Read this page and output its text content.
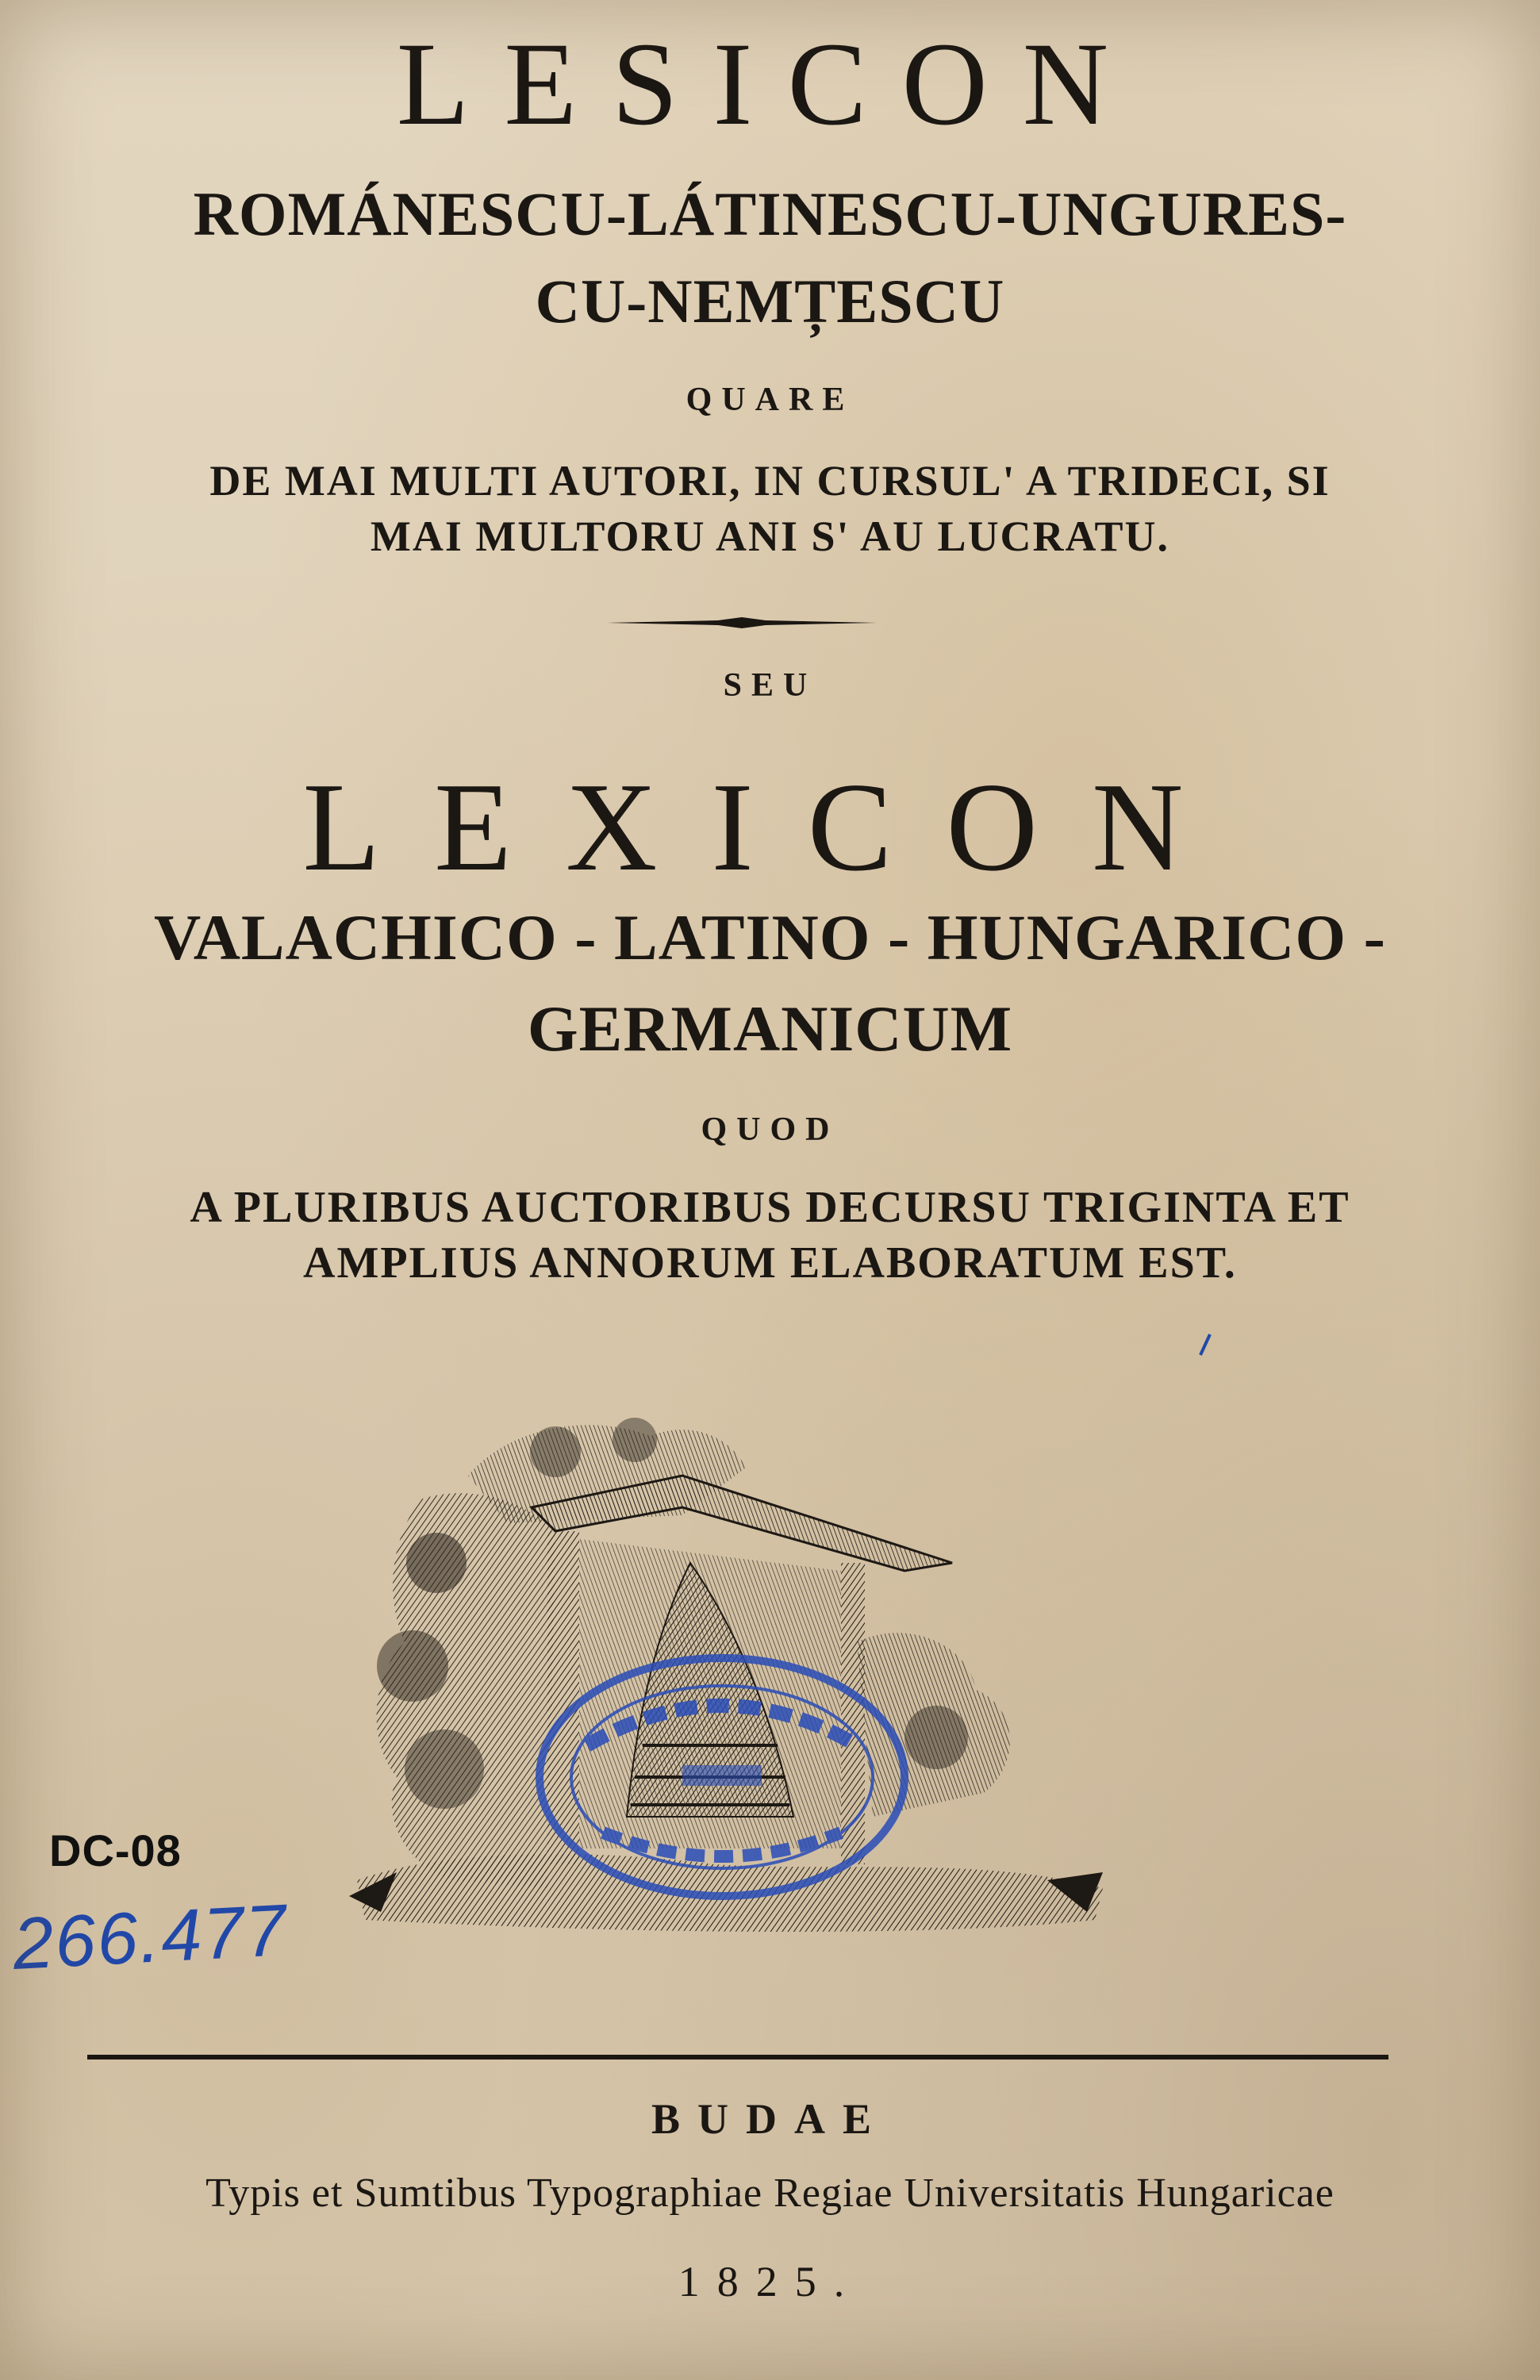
LESICON
ROMÁNESCU-LÁTINESCU-UNGURES-
CU-NEMȚESCU
QUARE
DE MAI MULTI AUTORI, IN CURSUL' A TRIDECI, SI
MAI MULTORU ANI S' AU LUCRATU.
SEU
LEXICON
VALACHICO - LATINO - HUNGARICO -
GERMANICUM
QUOD
A PLURIBUS AUCTORIBUS DECURSU TRIGINTA ET
AMPLIUS ANNORUM ELABORATUM EST.
DC-08
266.477
BUDAE
Typis et Sumtibus Typographiae Regiae Universitatis Hungaricae
1825.
